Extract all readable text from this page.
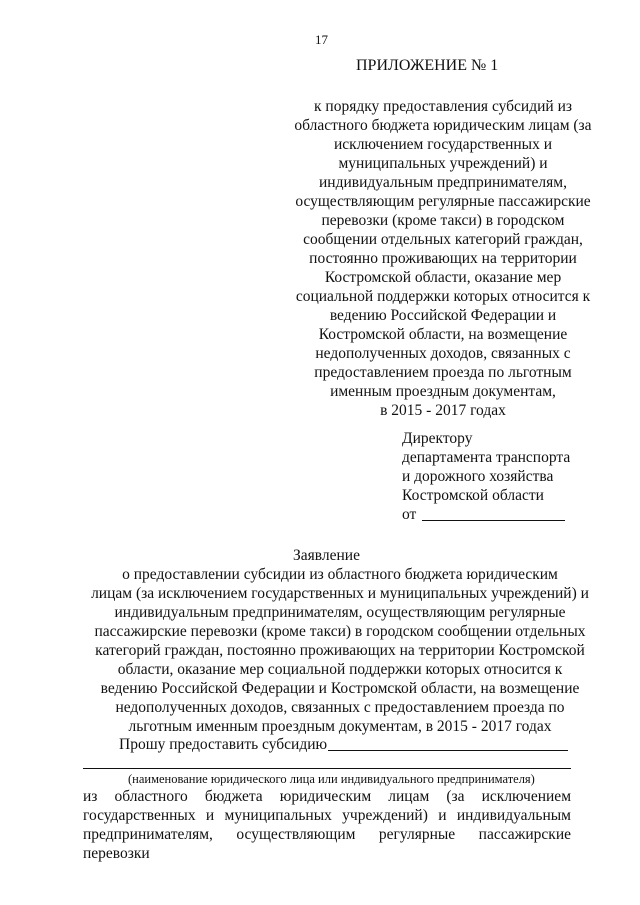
17
ПРИЛОЖЕНИЕ № 1
к порядку предоставления субсидий из
областного бюджета юридическим лицам (за
исключением государственных и
муниципальных учреждений) и
индивидуальным предпринимателям,
осуществляющим регулярные пассажирские
перевозки (кроме такси) в городском
сообщении отдельных категорий граждан,
постоянно проживающих на территории
Костромской области, оказание мер
социальной поддержки которых относится к
ведению Российской Федерации и
Костромской области, на возмещение
недополученных доходов, связанных с
предоставлением проезда по льготным
именным проездным документам,
в 2015 - 2017 годах
Директору
департамента транспорта
и дорожного хозяйства
Костромской области
от
Заявление
о предоставлении субсидии из областного бюджета юридическим
лицам (за исключением государственных и муниципальных учреждений) и
индивидуальным предпринимателям, осуществляющим регулярные
пассажирские перевозки (кроме такси) в городском сообщении отдельных
категорий граждан, постоянно проживающих на территории Костромской
области, оказание мер социальной поддержки которых относится к
ведению Российской Федерации и Костромской области, на возмещение
недополученных доходов, связанных с предоставлением проезда по
льготным именным проездным документам, в 2015 - 2017 годах
Прошу предоставить субсидию
(наименование юридического лица или индивидуального предпринимателя)
из областного бюджета юридическим лицам (за исключением
государственных и муниципальных учреждений) и индивидуальным
предпринимателям, осуществляющим регулярные пассажирские перевозки
